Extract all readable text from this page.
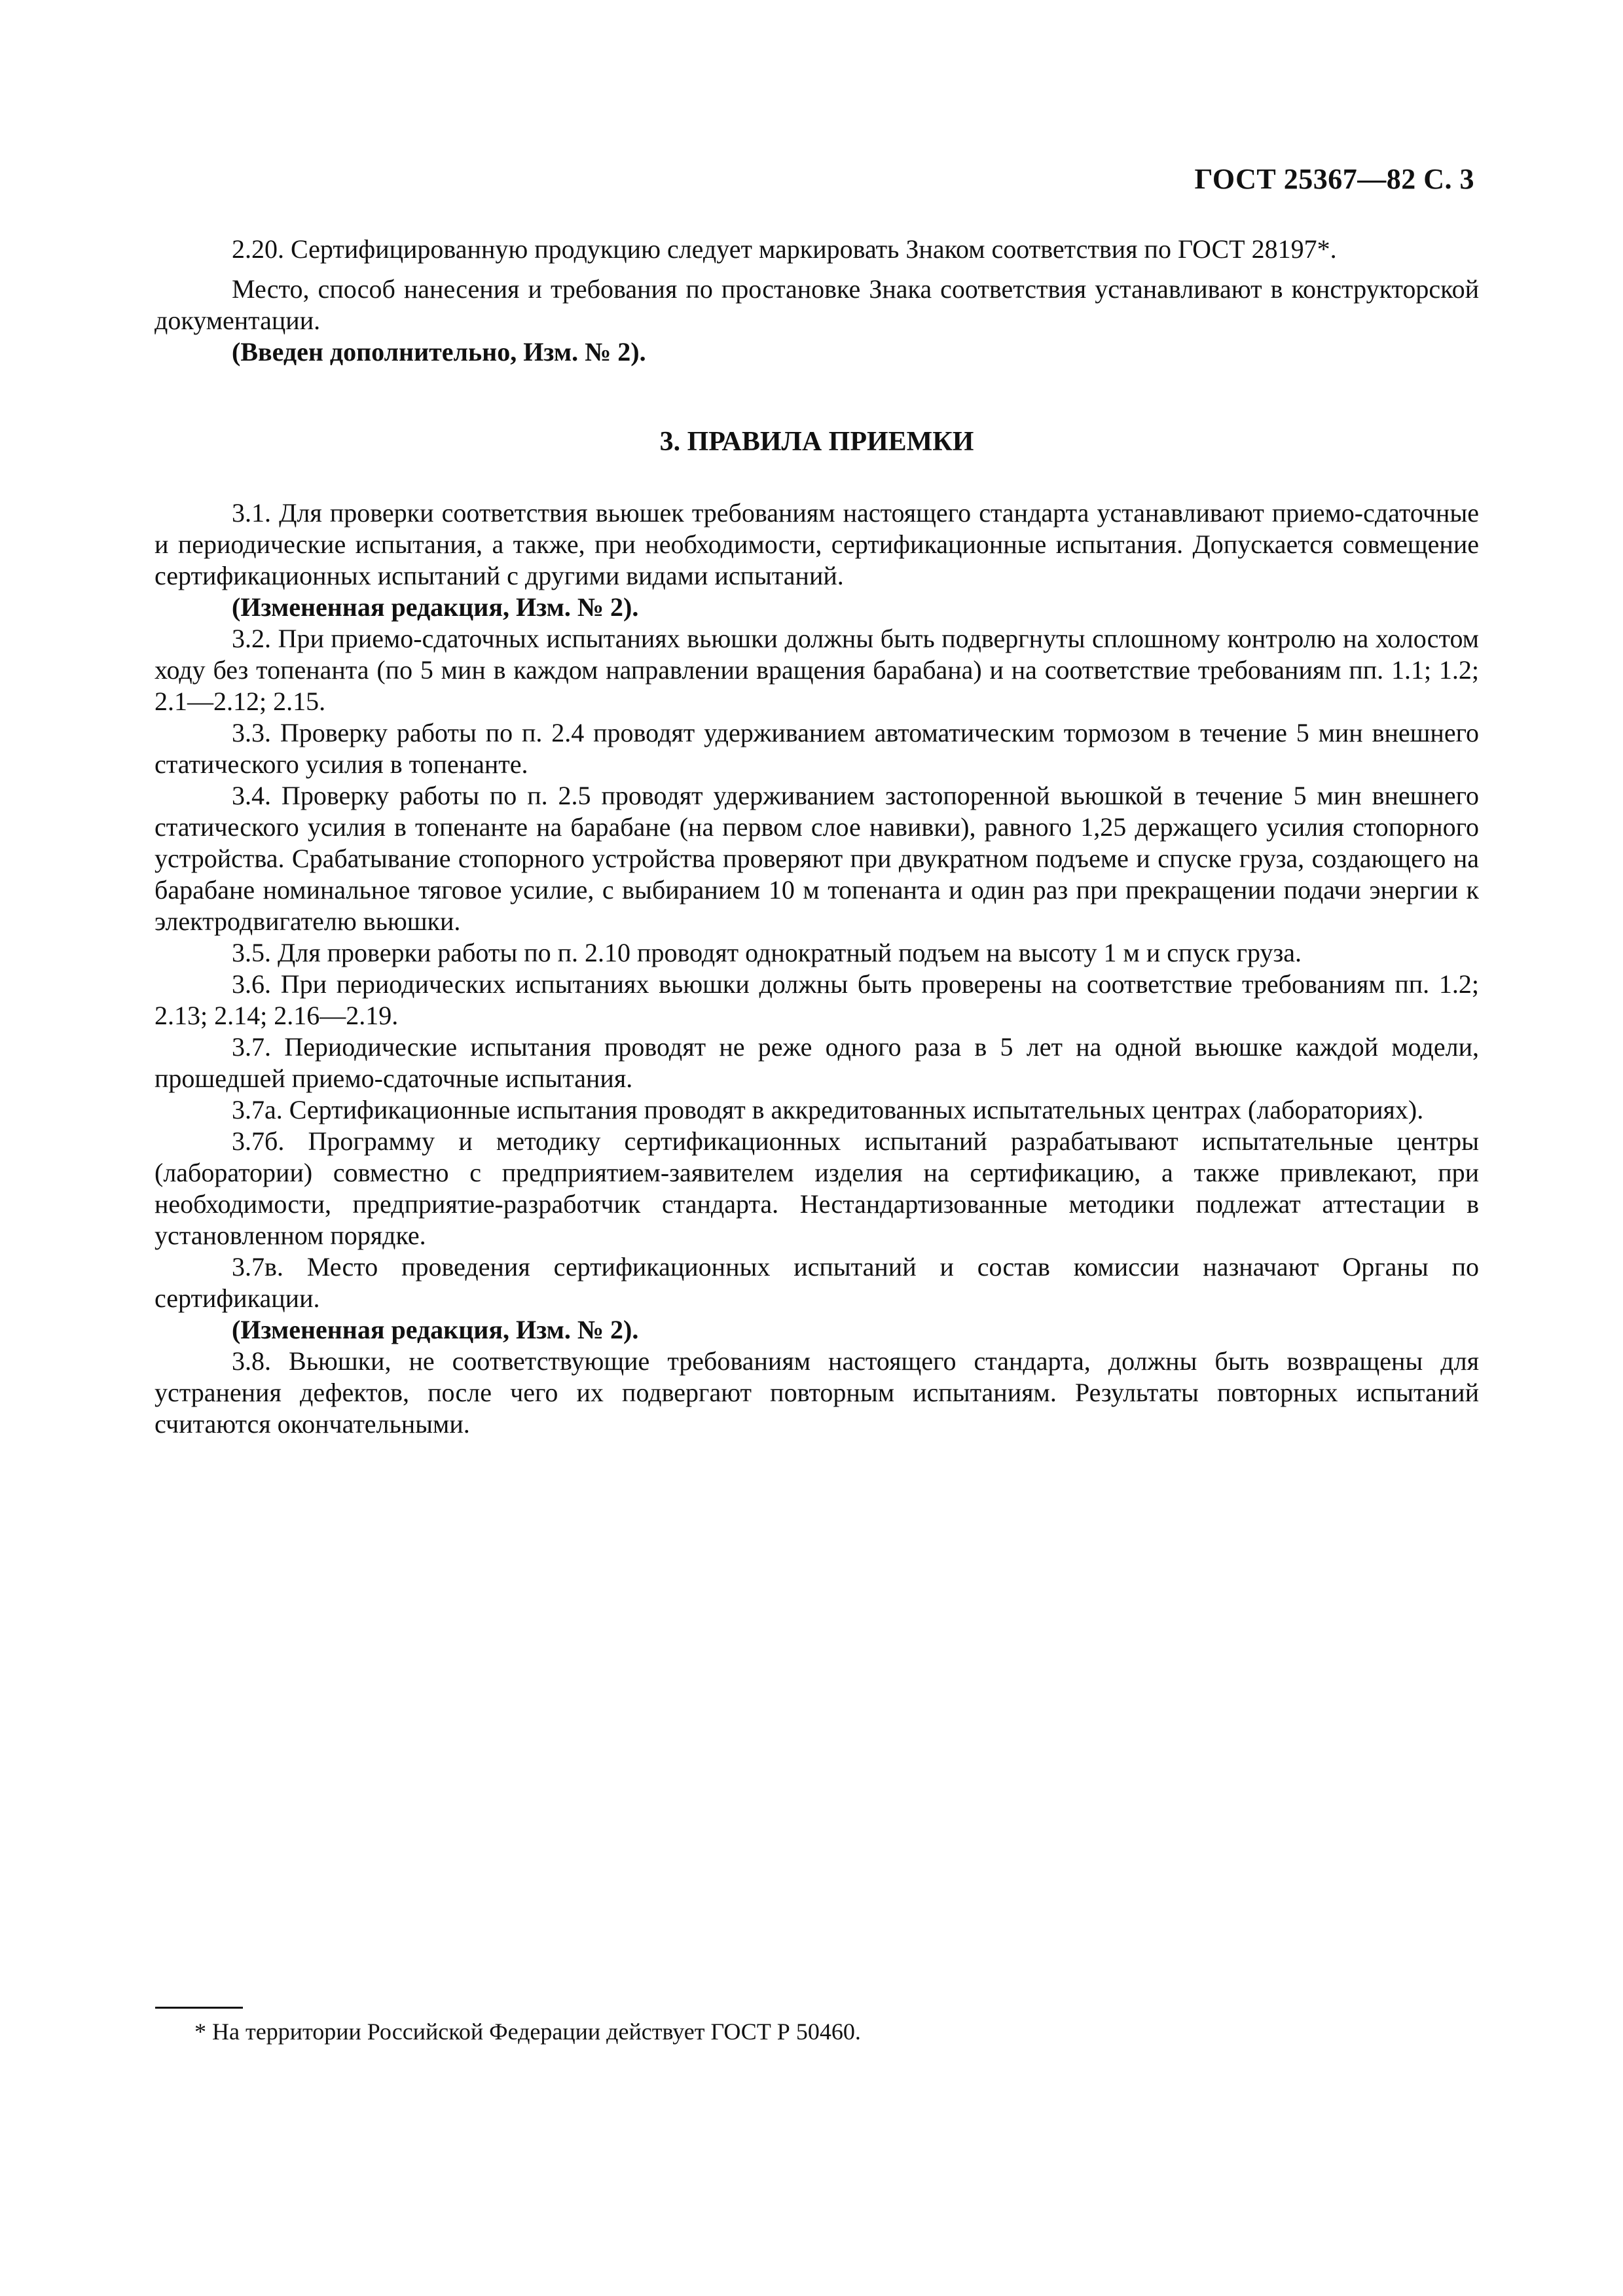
ГОСТ 25367—82 С. 3

2.20. Сертифицированную продукцию следует маркировать Знаком соответствия по ГОСТ 28197*.

Место, способ нанесения и требования по простановке Знака соответствия устанавливают в конструкторской документации.

(Введен дополнительно, Изм. № 2).

3. ПРАВИЛА ПРИЕМКИ

3.1. Для проверки соответствия вьюшек требованиям настоящего стандарта устанавливают приемо-сдаточные и периодические испытания, а также, при необходимости, сертификационные испытания. Допускается совмещение сертификационных испытаний с другими видами испытаний.

(Измененная редакция, Изм. № 2).

3.2. При приемо-сдаточных испытаниях вьюшки должны быть подвергнуты сплошному контролю на холостом ходу без топенанта (по 5 мин в каждом направлении вращения барабана) и на соответствие требованиям пп. 1.1; 1.2; 2.1—2.12; 2.15.

3.3. Проверку работы по п. 2.4 проводят удерживанием автоматическим тормозом в течение 5 мин внешнего статического усилия в топенанте.

3.4. Проверку работы по п. 2.5 проводят удерживанием застопоренной вьюшкой в течение 5 мин внешнего статического усилия в топенанте на барабане (на первом слое навивки), равного 1,25 держащего усилия стопорного устройства. Срабатывание стопорного устройства проверяют при двукратном подъеме и спуске груза, создающего на барабане номинальное тяговое усилие, с выбиранием 10 м топенанта и один раз при прекращении подачи энергии к электродвигателю вьюшки.

3.5. Для проверки работы по п. 2.10 проводят однократный подъем на высоту 1 м и спуск груза.

3.6. При периодических испытаниях вьюшки должны быть проверены на соответствие требованиям пп. 1.2; 2.13; 2.14; 2.16—2.19.

3.7. Периодические испытания проводят не реже одного раза в 5 лет на одной вьюшке каждой модели, прошедшей приемо-сдаточные испытания.

3.7а. Сертификационные испытания проводят в аккредитованных испытательных центрах (лабораториях).

3.7б. Программу и методику сертификационных испытаний разрабатывают испытательные центры (лаборатории) совместно с предприятием-заявителем изделия на сертификацию, а также привлекают, при необходимости, предприятие-разработчик стандарта. Нестандартизованные методики подлежат аттестации в установленном порядке.

3.7в. Место проведения сертификационных испытаний и состав комиссии назначают Органы по сертификации.

(Измененная редакция, Изм. № 2).

3.8. Вьюшки, не соответствующие требованиям настоящего стандарта, должны быть возвращены для устранения дефектов, после чего их подвергают повторным испытаниям. Результаты повторных испытаний считаются окончательными.

* На территории Российской Федерации действует ГОСТ Р 50460.
